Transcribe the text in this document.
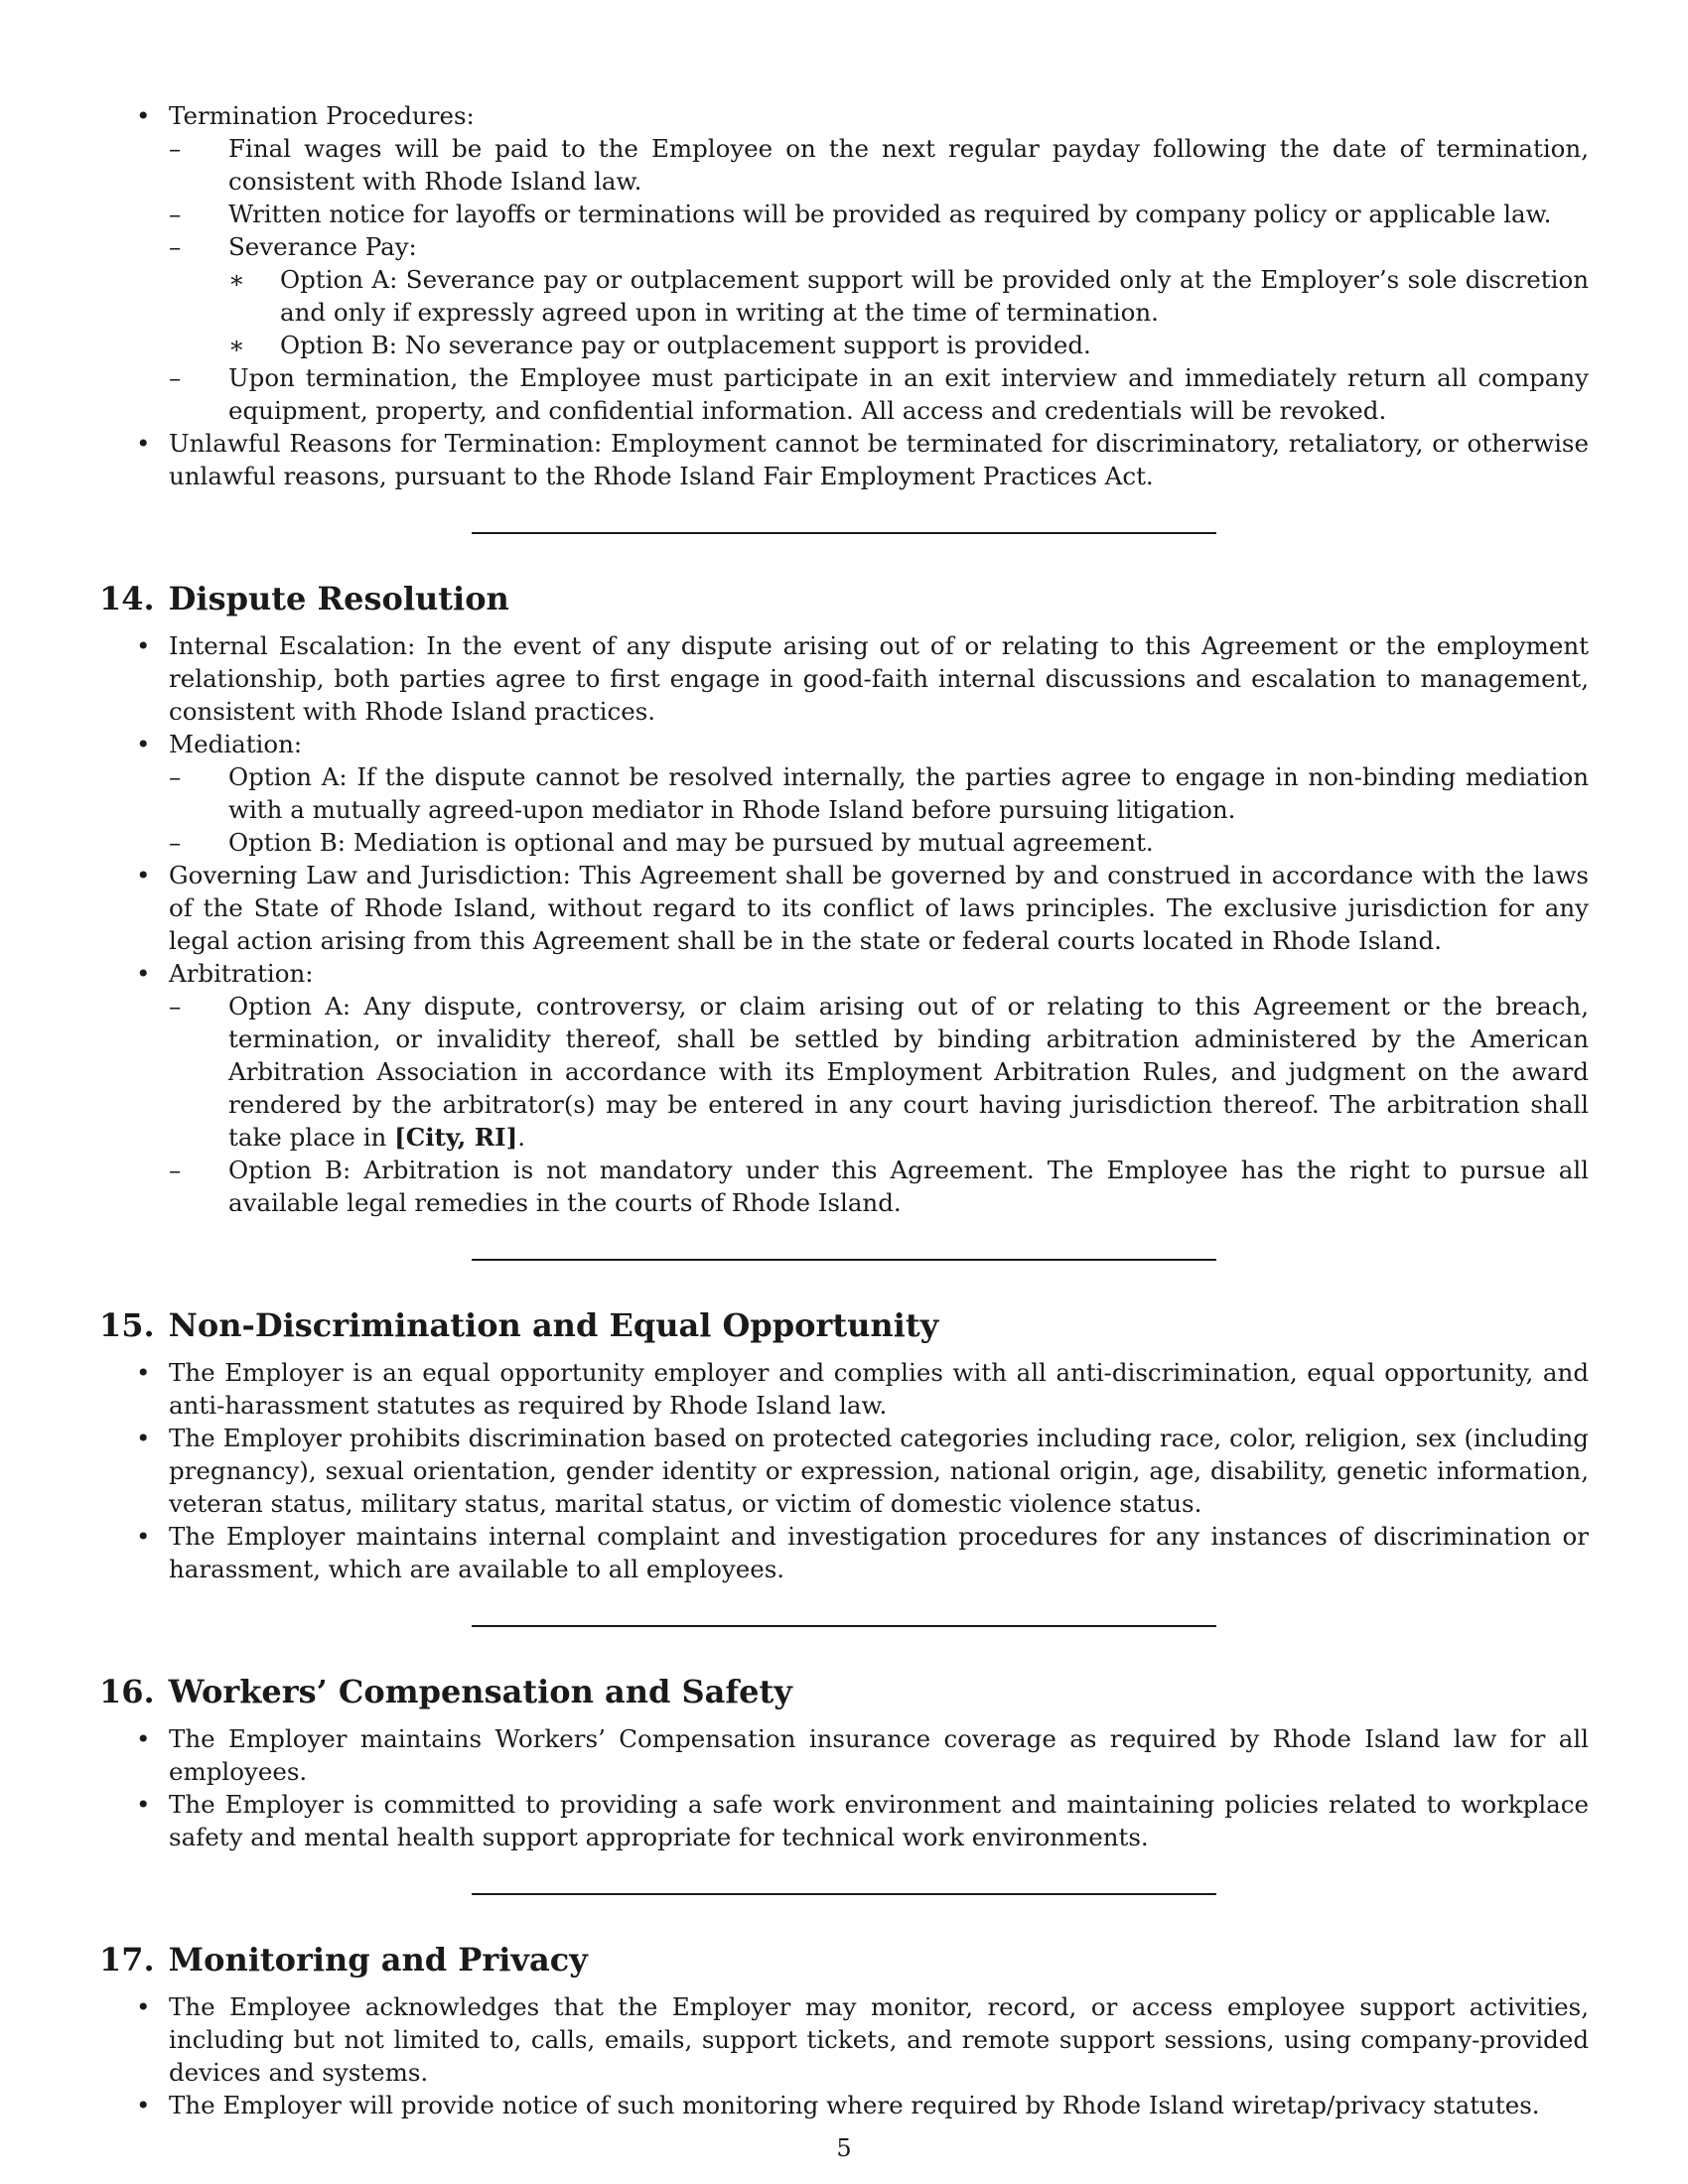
• Termination Procedures:
– Final wages will be paid to the Employee on the next regular payday following the date of termination, consistent with Rhode Island law.
– Written notice for layoffs or terminations will be provided as required by company policy or applicable law.
– Severance Pay:
∗ Option A: Severance pay or outplacement support will be provided only at the Employer’s sole discretion and only if expressly agreed upon in writing at the time of termination.
∗ Option B: No severance pay or outplacement support is provided.
– Upon termination, the Employee must participate in an exit interview and immediately return all company equipment, property, and confidential information. All access and credentials will be revoked.
• Unlawful Reasons for Termination: Employment cannot be terminated for discriminatory, retaliatory, or otherwise unlawful reasons, pursuant to the Rhode Island Fair Employment Practices Act.
14. Dispute Resolution
• Internal Escalation: In the event of any dispute arising out of or relating to this Agreement or the employment relationship, both parties agree to first engage in good-faith internal discussions and escalation to management, consistent with Rhode Island practices.
• Mediation:
– Option A: If the dispute cannot be resolved internally, the parties agree to engage in non-binding mediation with a mutually agreed-upon mediator in Rhode Island before pursuing litigation.
– Option B: Mediation is optional and may be pursued by mutual agreement.
• Governing Law and Jurisdiction: This Agreement shall be governed by and construed in accordance with the laws of the State of Rhode Island, without regard to its conflict of laws principles. The exclusive jurisdiction for any legal action arising from this Agreement shall be in the state or federal courts located in Rhode Island.
• Arbitration:
– Option A: Any dispute, controversy, or claim arising out of or relating to this Agreement or the breach, termination, or invalidity thereof, shall be settled by binding arbitration administered by the American Arbitration Association in accordance with its Employment Arbitration Rules, and judgment on the award rendered by the arbitrator(s) may be entered in any court having jurisdiction thereof. The arbitration shall take place in [City, RI].
– Option B: Arbitration is not mandatory under this Agreement. The Employee has the right to pursue all available legal remedies in the courts of Rhode Island.
15. Non-Discrimination and Equal Opportunity
• The Employer is an equal opportunity employer and complies with all anti-discrimination, equal opportunity, and anti-harassment statutes as required by Rhode Island law.
• The Employer prohibits discrimination based on protected categories including race, color, religion, sex (including pregnancy), sexual orientation, gender identity or expression, national origin, age, disability, genetic information, veteran status, military status, marital status, or victim of domestic violence status.
• The Employer maintains internal complaint and investigation procedures for any instances of discrimination or harassment, which are available to all employees.
16. Workers’ Compensation and Safety
• The Employer maintains Workers’ Compensation insurance coverage as required by Rhode Island law for all employees.
• The Employer is committed to providing a safe work environment and maintaining policies related to workplace safety and mental health support appropriate for technical work environments.
17. Monitoring and Privacy
• The Employee acknowledges that the Employer may monitor, record, or access employee support activities, including but not limited to, calls, emails, support tickets, and remote support sessions, using company-provided devices and systems.
• The Employer will provide notice of such monitoring where required by Rhode Island wiretap/privacy statutes.
5
